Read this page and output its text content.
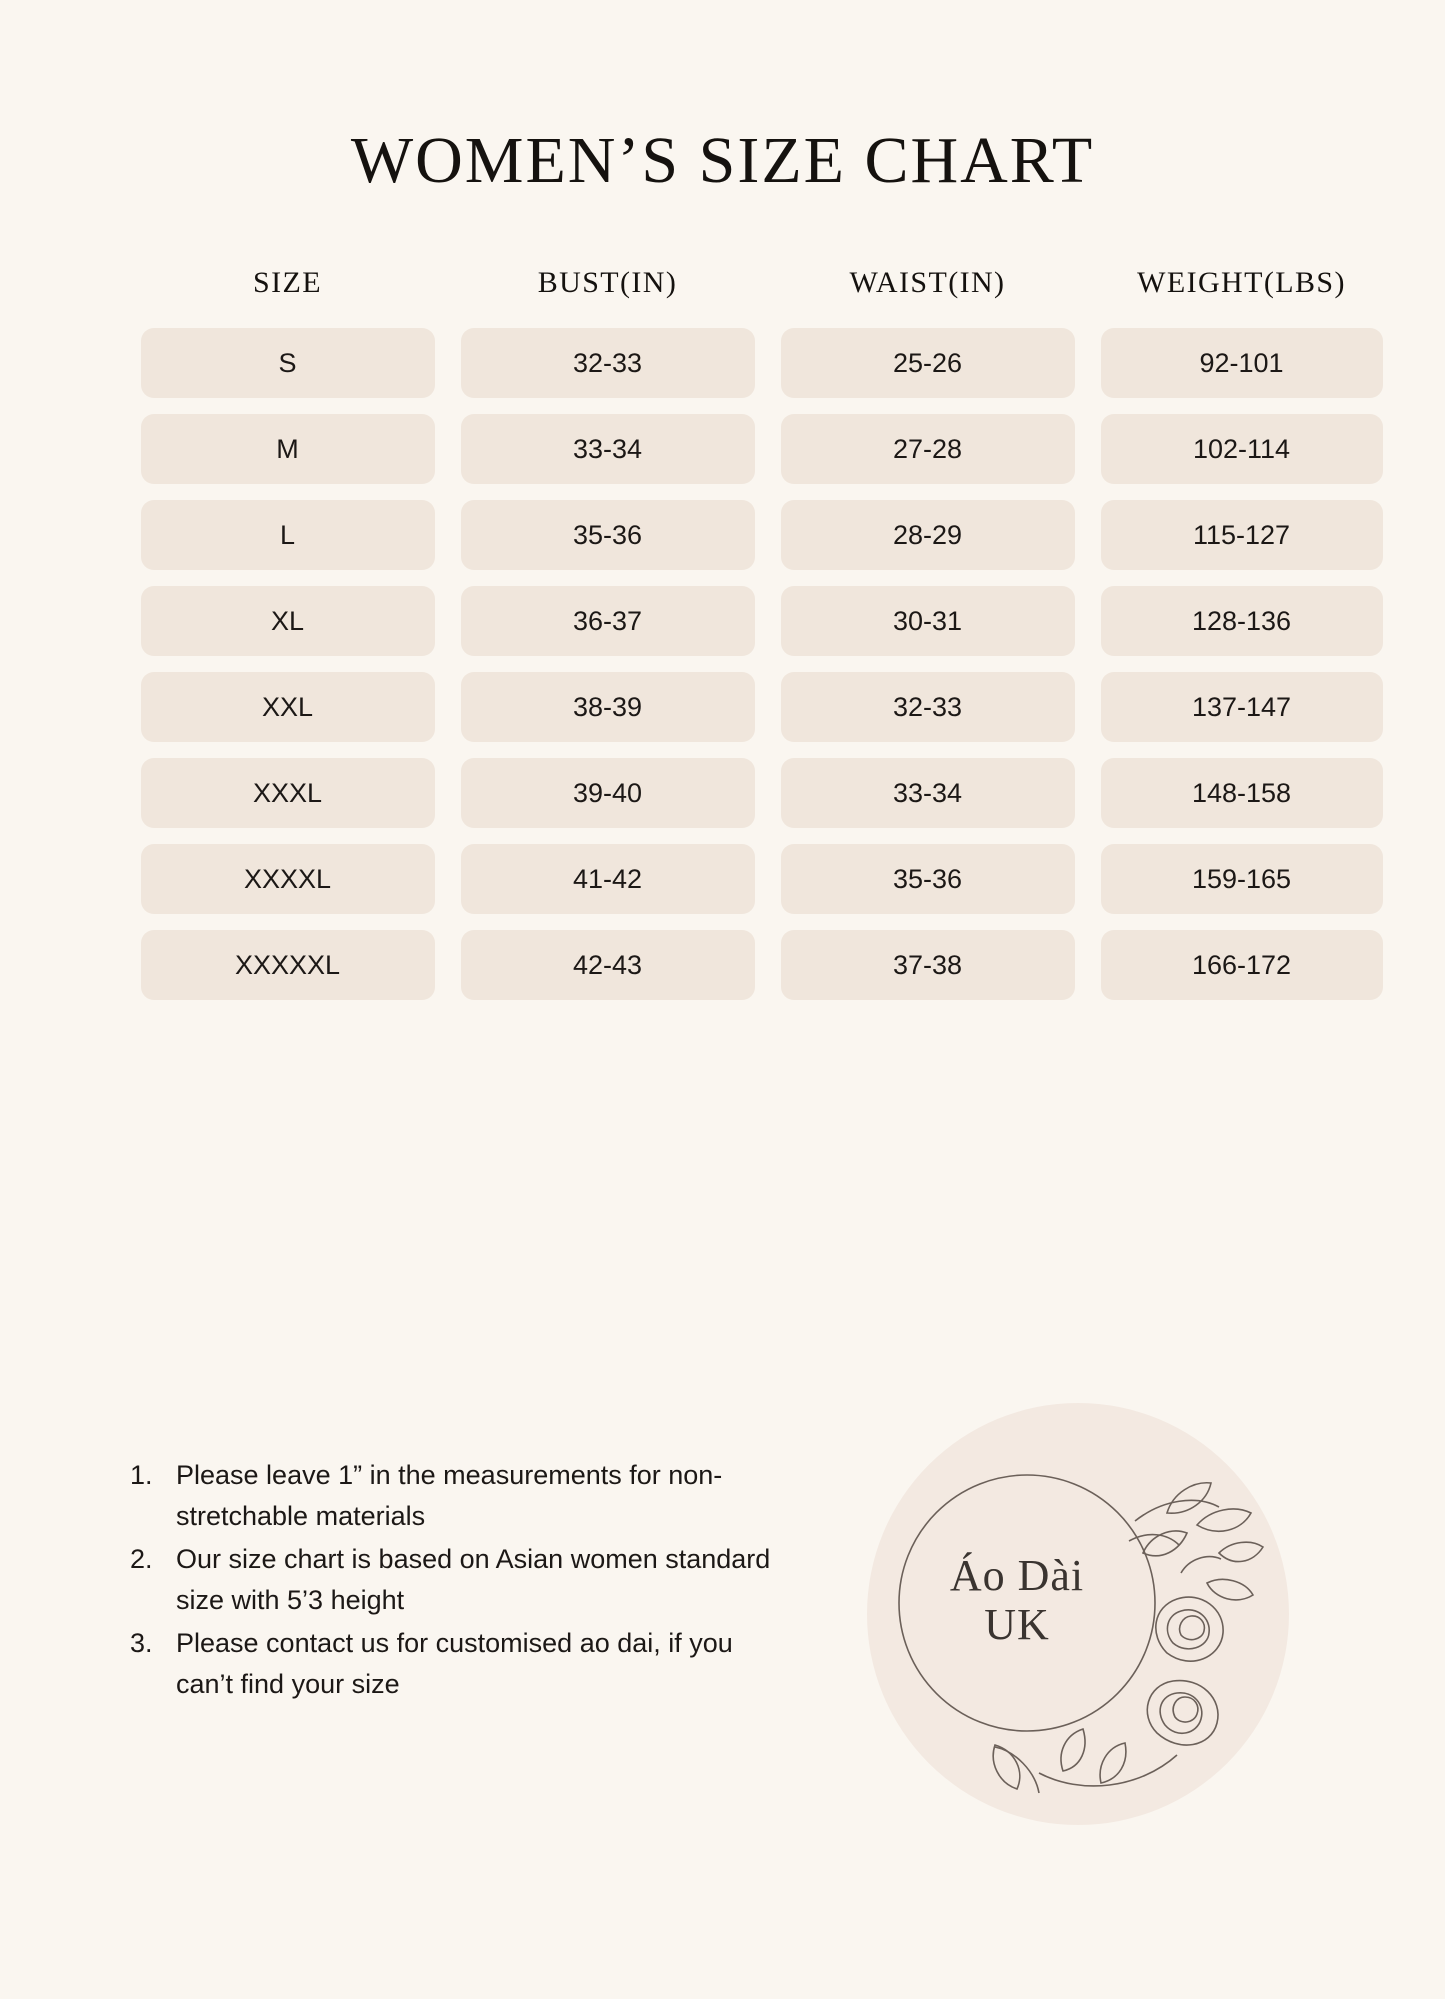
WOMEN’S SIZE CHART
SIZE	BUST(IN)	WAIST(IN)	WEIGHT(LBS)
S	32-33	25-26	92-101
M	33-34	27-28	102-114
L	35-36	28-29	115-127
XL	36-37	30-31	128-136
XXL	38-39	32-33	137-147
XXXL	39-40	33-34	148-158
XXXXL	41-42	35-36	159-165
XXXXXL	42-43	37-38	166-172
1. Please leave 1” in the measurements for non-stretchable materials
2. Our size chart is based on Asian women standard size with 5’3 height
3. Please contact us for customised ao dai, if you can’t find your size
Áo Dài
UK
